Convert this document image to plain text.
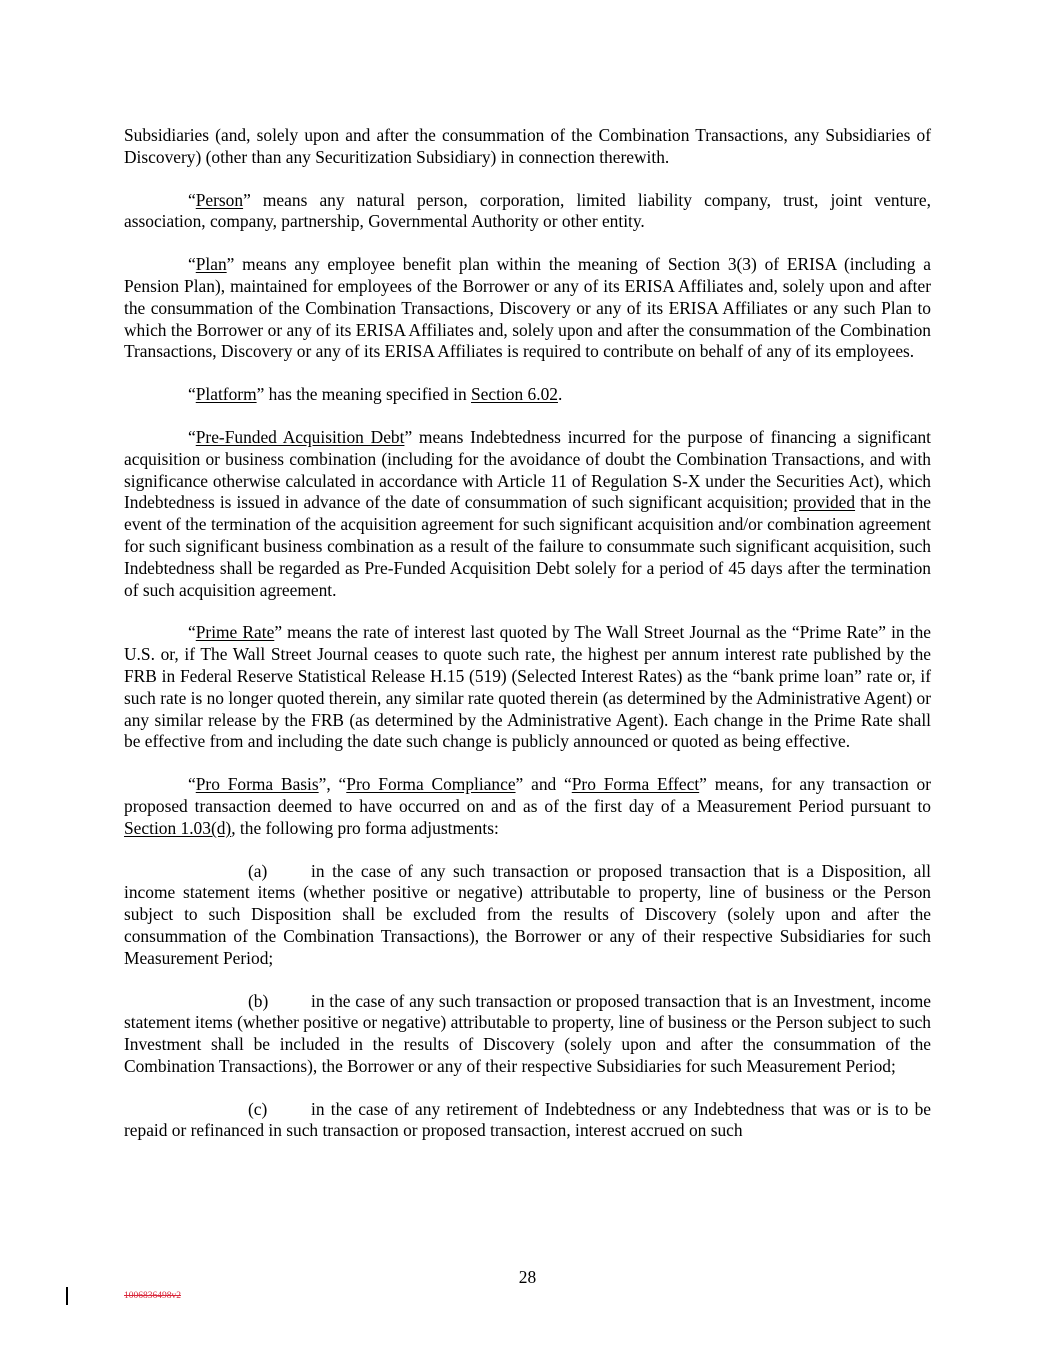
Subsidiaries (and, solely upon and after the consummation of the Combination Transactions, any Subsidiaries of Discovery) (other than any Securitization Subsidiary) in connection therewith.

“Person” means any natural person, corporation, limited liability company, trust, joint venture, association, company, partnership, Governmental Authority or other entity.

“Plan” means any employee benefit plan within the meaning of Section 3(3) of ERISA (including a Pension Plan), maintained for employees of the Borrower or any of its ERISA Affiliates and, solely upon and after the consummation of the Combination Transactions, Discovery or any of its ERISA Affiliates or any such Plan to which the Borrower or any of its ERISA Affiliates and, solely upon and after the consummation of the Combination Transactions, Discovery or any of its ERISA Affiliates is required to contribute on behalf of any of its employees.

“Platform” has the meaning specified in Section 6.02.

“Pre-Funded Acquisition Debt” means Indebtedness incurred for the purpose of financing a significant acquisition or business combination (including for the avoidance of doubt the Combination Transactions, and with significance otherwise calculated in accordance with Article 11 of Regulation S-X under the Securities Act), which Indebtedness is issued in advance of the date of consummation of such significant acquisition; provided that in the event of the termination of the acquisition agreement for such significant acquisition and/or combination agreement for such significant business combination as a result of the failure to consummate such significant acquisition, such Indebtedness shall be regarded as Pre-Funded Acquisition Debt solely for a period of 45 days after the termination of such acquisition agreement.

“Prime Rate” means the rate of interest last quoted by The Wall Street Journal as the “Prime Rate” in the U.S. or, if The Wall Street Journal ceases to quote such rate, the highest per annum interest rate published by the FRB in Federal Reserve Statistical Release H.15 (519) (Selected Interest Rates) as the “bank prime loan” rate or, if such rate is no longer quoted therein, any similar rate quoted therein (as determined by the Administrative Agent) or any similar release by the FRB (as determined by the Administrative Agent). Each change in the Prime Rate shall be effective from and including the date such change is publicly announced or quoted as being effective.

“Pro Forma Basis”, “Pro Forma Compliance” and “Pro Forma Effect” means, for any transaction or proposed transaction deemed to have occurred on and as of the first day of a Measurement Period pursuant to Section 1.03(d), the following pro forma adjustments:

(a)	in the case of any such transaction or proposed transaction that is a Disposition, all income statement items (whether positive or negative) attributable to property, line of business or the Person subject to such Disposition shall be excluded from the results of Discovery (solely upon and after the consummation of the Combination Transactions), the Borrower or any of their respective Subsidiaries for such Measurement Period;

(b) in the case of any such transaction or proposed transaction that is an Investment, income statement items (whether positive or negative) attributable to property, line of business or the Person subject to such Investment shall be included in the results of Discovery (solely upon and after the consummation of the Combination Transactions), the Borrower or any of their respective Subsidiaries for such Measurement Period;

(c)	in the case of any retirement of Indebtedness or any Indebtedness that was or is to be repaid or refinanced in such transaction or proposed transaction, interest accrued on such

28
1006836498v2
